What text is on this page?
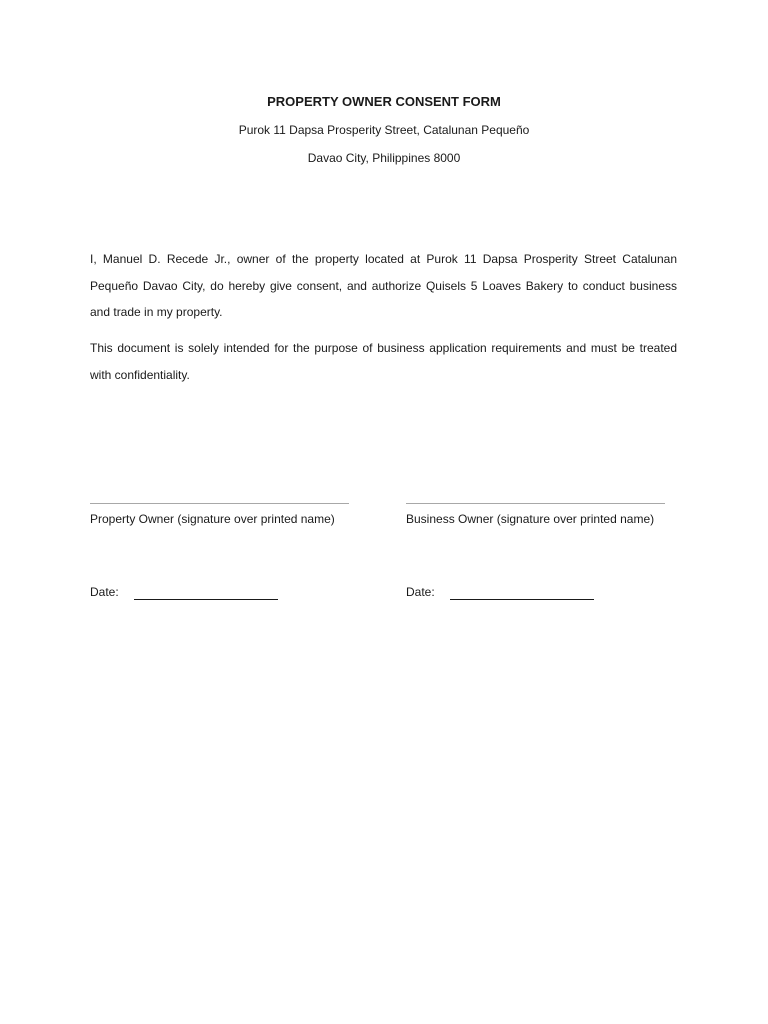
PROPERTY OWNER CONSENT FORM
Purok 11 Dapsa Prosperity Street, Catalunan Pequeño
Davao City, Philippines 8000

I, Manuel D. Recede Jr., owner of the property located at Purok 11 Dapsa Prosperity Street Catalunan Pequeño Davao City, do hereby give consent, and authorize Quisels 5 Loaves Bakery to conduct business and trade in my property.

This document is solely intended for the purpose of business application requirements and must be treated with confidentiality.

Property Owner (signature over printed name)	Business Owner (signature over printed name)
Date:	Date:
